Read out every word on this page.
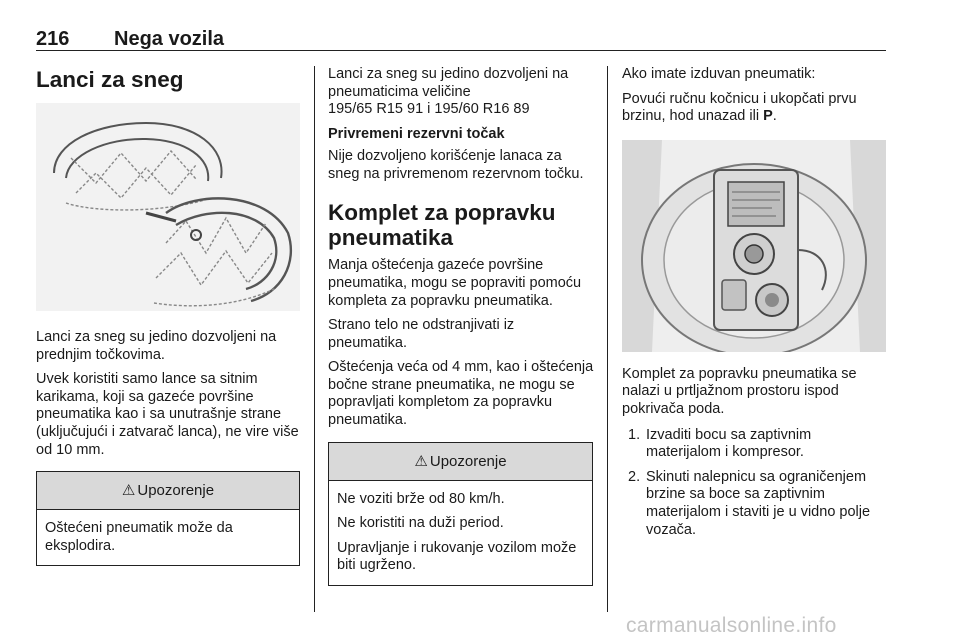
216 Nega vozila
Lanci za sneg

Lanci za sneg su jedino dozvoljeni na prednjim točkovima.

Uvek koristiti samo lance sa sitnim karikama, koji sa gazeće površine pneumatika kao i sa unutrašnje strane (uključujući i zatvarač lanca), ne vire više od 10 mm.

⚠ Upozorenje

Oštećeni pneumatik može da eksplodira.

Lanci za sneg su jedino dozvoljeni na pneumaticima veličine
195/65 R15 91 i 195/60 R16 89

Privremeni rezervni točak

Nije dozvoljeno korišćenje lanaca za sneg na privremenom rezervnom točku.

Komplet za popravku pneumatika

Manja oštećenja gazeće površine pneumatika, mogu se popraviti pomoću kompleta za popravku pneumatika.

Strano telo ne odstranjivati iz pneumatika.

Oštećenja veća od 4 mm, kao i oštećenja bočne strane pneumatika, ne mogu se popravljati kompletom za popravku pneumatika.

⚠ Upozorenje

Ne voziti brže od 80 km/h.

Ne koristiti na duži period.

Upravljanje i rukovanje vozilom može biti ugrženo.

Ako imate izduvan pneumatik:

Povući ručnu kočnicu i ukopčati prvu brzinu, hod unazad ili P.

Komplet za popravku pneumatika se nalazi u prtljažnom prostoru ispod pokrivača poda.

1. Izvaditi bocu sa zaptivnim materijalom i kompresor.
2. Skinuti nalepnicu sa ograničenjem brzine sa boce sa zaptivnim materijalom i staviti je u vidno polje vozača.
carmanualsonline.info
